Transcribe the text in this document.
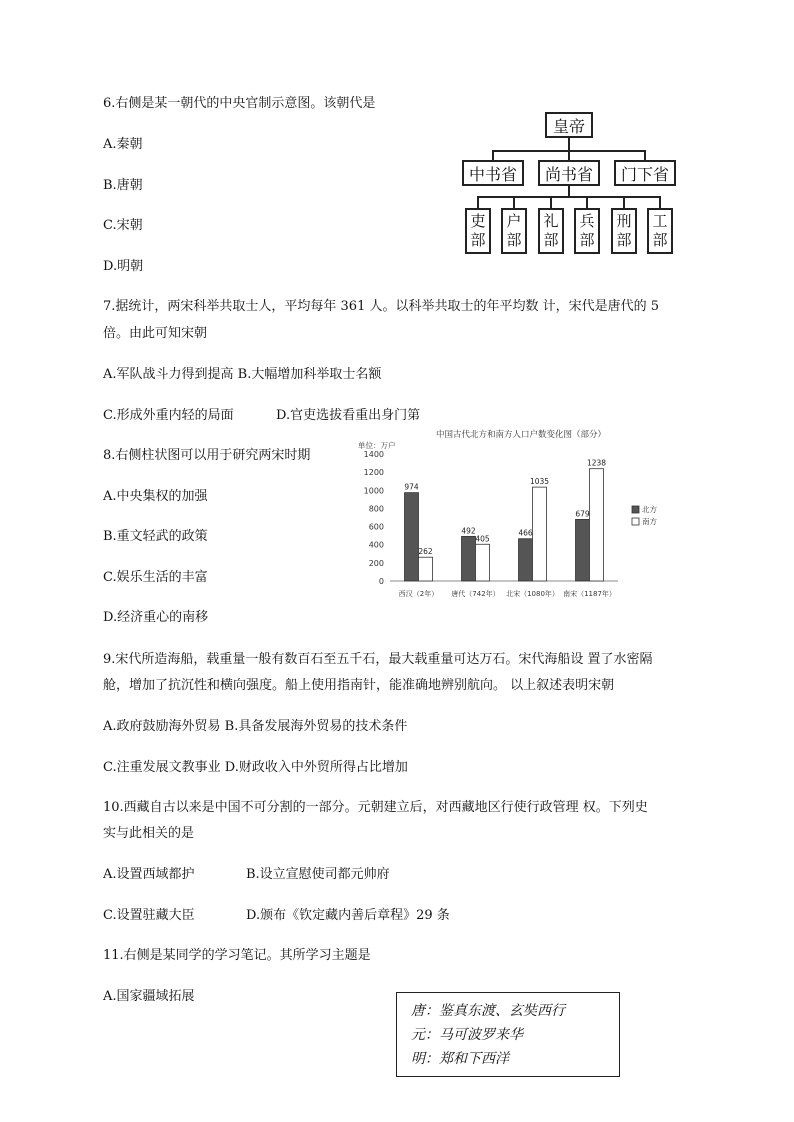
6.右侧是某一朝代的中央官制示意图。该朝代是
A.秦朝
B.唐朝
C.宋朝
D.明朝
皇帝
中书省	尚书省	门下省
吏
部
户
部
礼
部
兵
部
刑
部
工
部
7.据统计，两宋科举共取士人，平均每年 361 人。以科举共取士的年平均数 计，宋代是唐代的 5
倍。由此可知宋朝
A.军队战斗力得到提高 B.大幅增加科举取士名额
C.形成外重内轻的局面	D.官吏选拔看重出身门第
8.右侧柱状图可以用于研究两宋时期
A.中央集权的加强
B.重文轻武的政策
C.娱乐生活的丰富
D.经济重心的南移
中国古代北方和南方人口户数变化图（部分）
单位：万户
0
200
400
600
800
1000
1200
1400
974
262
西汉（2年）
492
405
唐代（742年）
466
1035
北宋（1080年）
679
1238
南宋（1187年）
北方
南方
9.宋代所造海船，载重量一般有数百石至五千石，最大载重量可达万石。宋代海船设 置了水密隔
舱，增加了抗沉性和横向强度。船上使用指南针，能准确地辨别航向。 以上叙述表明宋朝
A.政府鼓励海外贸易 B.具备发展海外贸易的技术条件
C.注重发展文教事业 D.财政收入中外贸所得占比增加
10.西藏自古以来是中国不可分割的一部分。元朝建立后，对西藏地区行使行政管理 权。下列史
实与此相关的是
A.设置西域都护	B.设立宣慰使司都元帅府
C.设置驻藏大臣	D.颁布《钦定藏内善后章程》29 条
11.右侧是某同学的学习笔记。其所学习主题是
A.国家疆域拓展
唐：鉴真东渡、玄奘西行
元：马可波罗来华
明：郑和下西洋
